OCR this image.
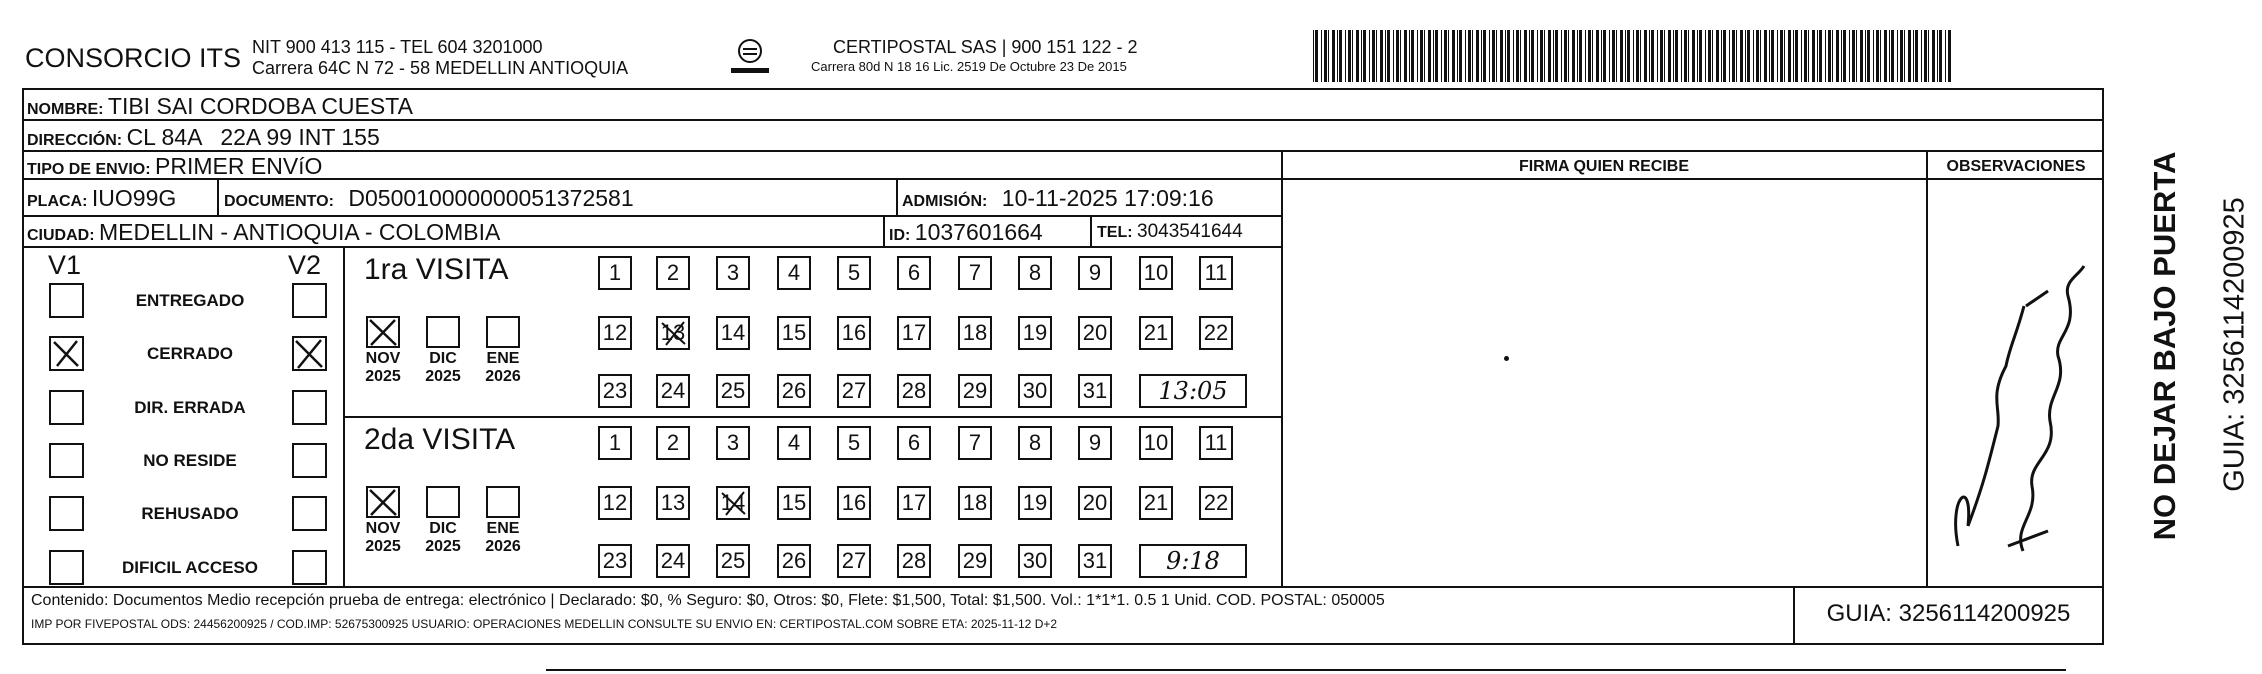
CONSORCIO ITS NIT 900 413 115 - TEL 604 3201000
Carrera 64C N 72 - 58 MEDELLIN ANTIOQUIA
CERTIPOSTAL SAS | 900 151 122 - 2
Carrera 80d N 18 16 Lic. 2519 De Octubre 23 De 2015
NOMBRE: TIBI SAI CORDOBA CUESTA
DIRECCIÓN: CL 84A   22A 99 INT 155
TIPO DE ENVIO: PRIMER ENVíO	FIRMA QUIEN RECIBE	OBSERVACIONES
PLACA: IUO99G	DOCUMENTO: D050010000000051372581	ADMISIÓN: 10-11-2025 17:09:16
CIUDAD: MEDELLIN - ANTIOQUIA - COLOMBIA	ID: 1037601664	TEL: 3043541644
V1	V2
ENTREGADO
CERRADO
DIR. ERRADA
NO RESIDE
REHUSADO
DIFICIL ACCESO
1ra VISITA
NOV
2025
DIC
2025
ENE
2026
1	2	3	4	5	6	7	8	9	10 11
12 13 14 15 16 17 18 19 20 21 22
23 24 25 26 27 28 29 30 31 13:05
2da VISITA
NOV
2025
DIC
2025
ENE
2026
1	2	3	4	5	6	7	8	9	10 11
12 13 14 15 16 17 18 19 20 21 22
23 24 25 26 27 28 29 30 31 9:18
Contenido: Documentos Medio recepción prueba de entrega: electrónico | Declarado: $0, % Seguro: $0, Otros: $0, Flete: $1,500, Total: $1,500. Vol.: 1*1*1. 0.5 1 Unid. COD. POSTAL: 050005
IMP POR FIVEPOSTAL ODS: 24456200925 / COD.IMP: 52675300925 USUARIO: OPERACIONES MEDELLIN CONSULTE SU ENVIO EN: CERTIPOSTAL.COM SOBRE ETA: 2025-11-12 D+2	GUIA: 3256114200925
NO DEJAR BAJO PUERTA GUIA: 3256114200925
